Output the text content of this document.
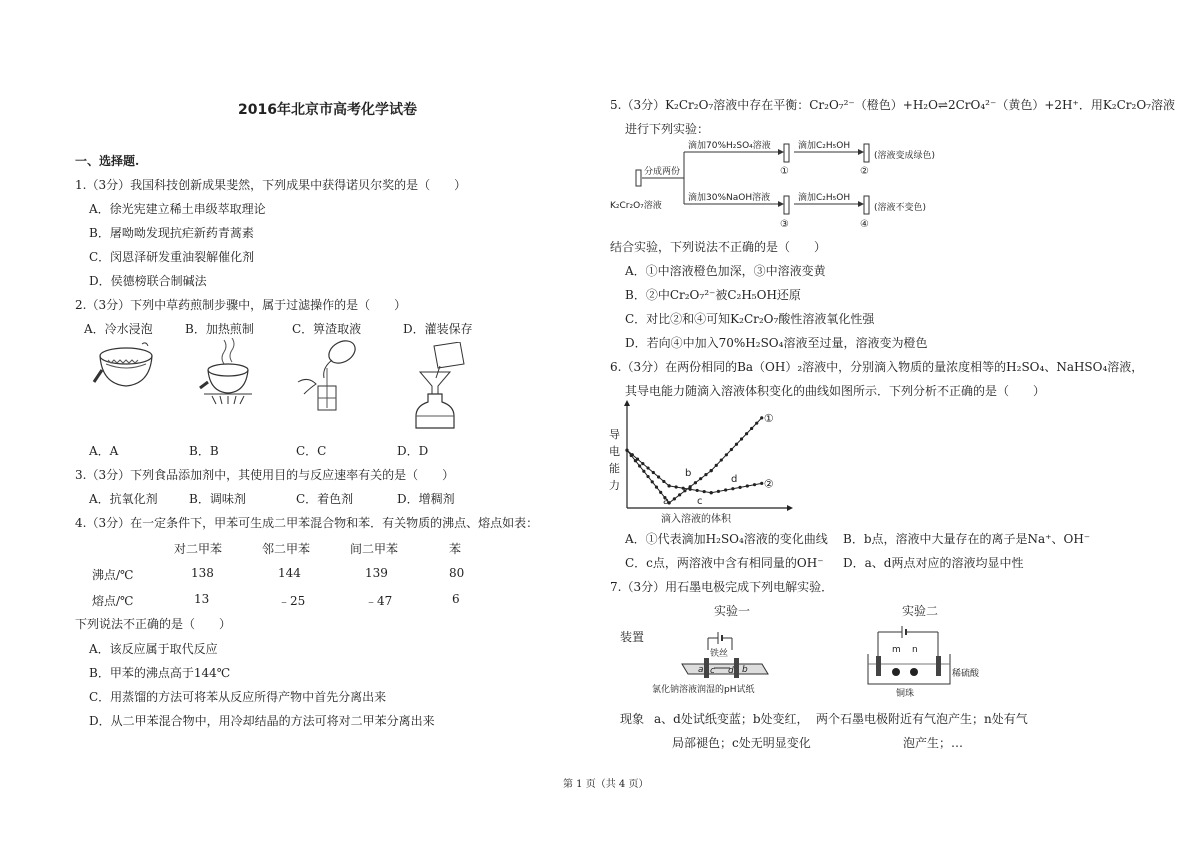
2016年北京市高考化学试卷
一、选择题.
1.（3分）我国科技创新成果斐然，下列成果中获得诺贝尔奖的是（　　）
A．徐光宪建立稀土串级萃取理论
B．屠呦呦发现抗疟新药青蒿素
C．闵恩泽研发重油裂解催化剂
D．侯德榜联合制碱法
2.（3分）下列中草药煎制步骤中，属于过滤操作的是（　　）
A．冷水浸泡	B．加热煎制	C．箅渣取液	D．灌装保存
A．A	B．B	C．C	D．D
3.（3分）下列食品添加剂中，其使用目的与反应速率有关的是（　　）
A．抗氧化剂	B．调味剂	C．着色剂	D．增稠剂
4.（3分）在一定条件下，甲苯可生成二甲苯混合物和苯．有关物质的沸点、熔点如表：
对二甲苯	邻二甲苯	间二甲苯	苯
沸点/℃	138	144	139	80
熔点/℃	13	﹣25	﹣47	6
下列说法不正确的是（　　）
A．该反应属于取代反应
B．甲苯的沸点高于144℃
C．用蒸馏的方法可将苯从反应所得产物中首先分离出来
D．从二甲苯混合物中，用冷却结晶的方法可将对二甲苯分离出来
5.（3分）K₂Cr₂O₇溶液中存在平衡：Cr₂O₇²⁻（橙色）+H₂O⇌2CrO₄²⁻（黄色）+2H⁺．用K₂Cr₂O₇溶液
进行下列实验：
K₂Cr₂O₇溶液
分成两份
滴加70%H₂SO₄溶液
滴加30%NaOH溶液
①
③
滴加C₂H₅OH
滴加C₂H₅OH
②
④
(溶液变成绿色)
(溶液不变色)
结合实验，下列说法不正确的是（　　）
A．①中溶液橙色加深，③中溶液变黄
B．②中Cr₂O₇²⁻被C₂H₅OH还原
C．对比②和④可知K₂Cr₂O₇酸性溶液氧化性强
D．若向④中加入70%H₂SO₄溶液至过量，溶液变为橙色
6.（3分）在两份相同的Ba（OH）₂溶液中，分别滴入物质的量浓度相等的H₂SO₄、NaHSO₄溶液，
其导电能力随滴入溶液体积变化的曲线如图所示．下列分析不正确的是（　　）
导
电
能
力
滴入溶液的体积
①
②
a
b
c
d
A．①代表滴加H₂SO₄溶液的变化曲线 B．b点，溶液中大量存在的离子是Na⁺、OH⁻
C．c点，两溶液中含有相同量的OH⁻ D．a、d两点对应的溶液均显中性
7.（3分）用石墨电极完成下列电解实验．
实验一	实验二
装置
铁丝
a c d b
氯化钠溶液润湿的pH试纸
m n
稀硫酸
铜珠
现象 a、d处试纸变蓝；b处变红，
局部褪色；c处无明显变化
两个石墨电极附近有气泡产生；n处有气
泡产生；…
第 1 页（共 4 页）
